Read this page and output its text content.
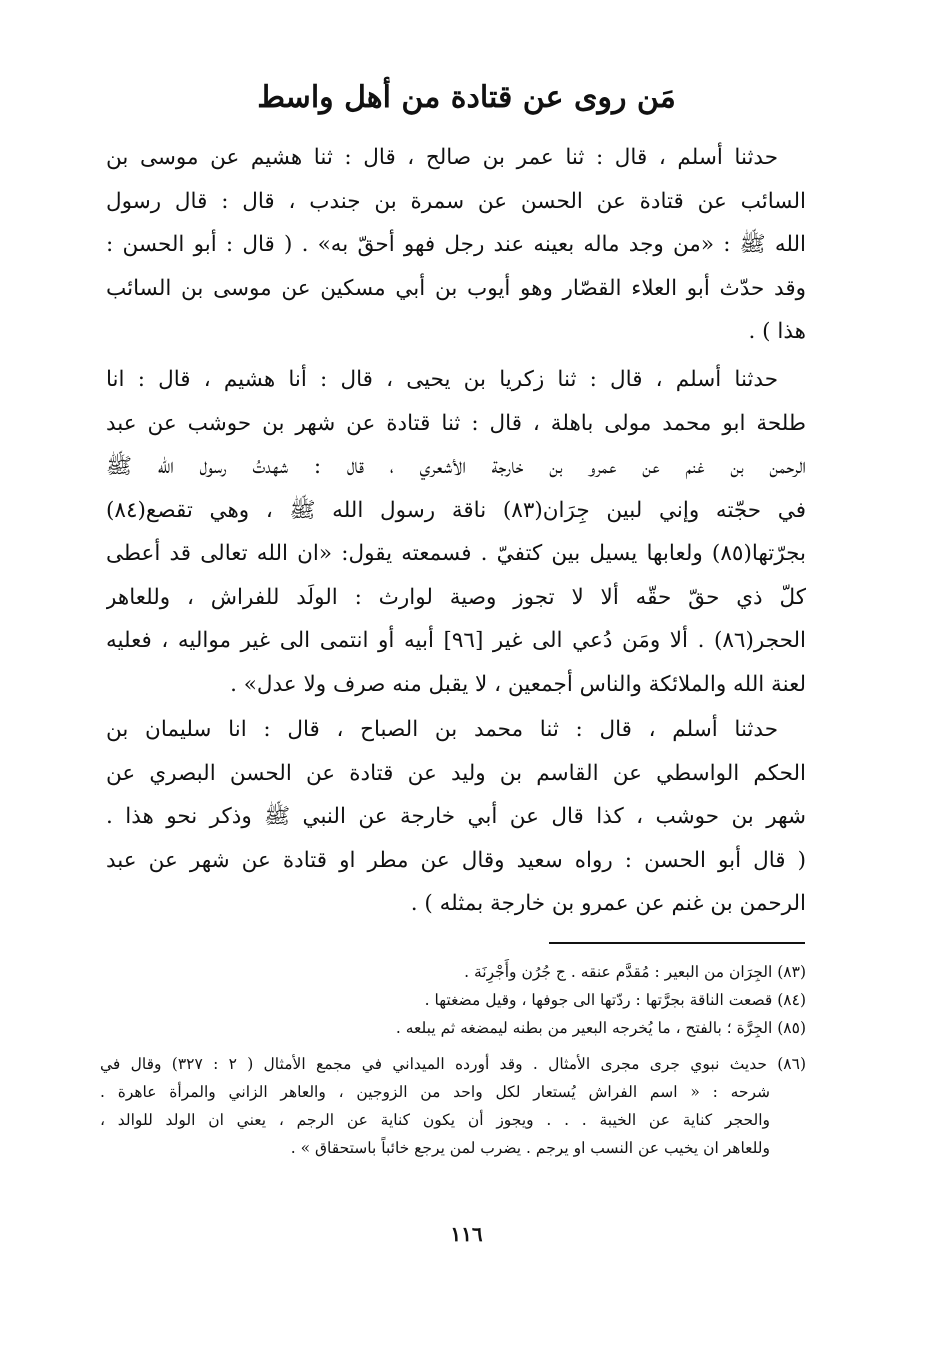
مَن روى عن قتادة من أهل واسط
حدثنا أسلم ، قال : ثنا عمر بن صالح ، قال : ثنا هشيم عن موسى بن
السائب عن قتادة عن الحسن عن سمرة بن جندب ، قال : قال رسول
الله ﷺ : «من وجد ماله بعينه عند رجل فهو أحقّ به» . ( قال : أبو الحسن :
وقد حدّث أبو العلاء القصّار وهو أيوب بن أبي مسكين عن موسى بن السائب
هذا ) .
حدثنا أسلم ، قال : ثنا زكريا بن يحيى ، قال : أنا هشيم ، قال : انا
طلحة ابو محمد مولى باهلة ، قال : ثنا قتادة عن شهر بن حوشب عن عبد
الرحمن بن غنم عن عمرو بن خارجة الأشعري ، قال : شهدتُ رسول الله ﷺ
في حجّته وإني لبين جِرَان(٨٣) ناقة رسول الله ﷺ ، وهي تقصع(٨٤)
بجرّتها(٨٥) ولعابها يسيل بين كتفيّ . فسمعته يقول: «ان الله تعالى قد أعطى
كلّ ذي حقّ حقّه ألا لا تجوز وصية لوارث : الولَد للفراش ، وللعاهر
الحجر(٨٦) . ألا ومَن دُعي الى غير [٩٦] أبيه أو انتمى الى غير مواليه ، فعليه
لعنة الله والملائكة والناس أجمعين ، لا يقبل منه صرف ولا عدل» .
حدثنا أسلم ، قال : ثنا محمد بن الصباح ، قال : انا سليمان بن
الحكم الواسطي عن القاسم بن وليد عن قتادة عن الحسن البصري عن
شهر بن حوشب ، كذا قال عن أبي خارجة عن النبي ﷺ وذكر نحو هذا .
( قال أبو الحسن : رواه سعيد وقال عن مطر او قتادة عن شهر عن عبد
الرحمن بن غنم عن عمرو بن خارجة بمثله ) .
(٨٣) الجِرَان من البعير : مُقدَّم عنقه . ج جُرُن وأَجْرِنَة .
(٨٤) قصعت الناقة بجرَّتها : ردّتها الى جوفها ، وقيل مضغتها .
(٨٥) الجِرَّة ؛ بالفتح ، ما يُخرجه البعير من بطنه ليمضغه ثم يبلعه .
(٨٦) حديث نبوي جرى مجرى الأمثال . وقد أورده الميداني في مجمع الأمثال ( ٢ : ٣٢٧) وقال في
شرحه : « اسم الفراش يُستعار لكل واحد من الزوجين ، والعاهر الزاني والمرأة عاهرة .
والحجر كناية عن الخيبة . . . ويجوز أن يكون كناية عن الرجم ، يعني ان الولد للوالد ،
وللعاهر ان يخيب عن النسب او يرجم . يضرب لمن يرجع خائباً باستحقاق » .
١١٦
